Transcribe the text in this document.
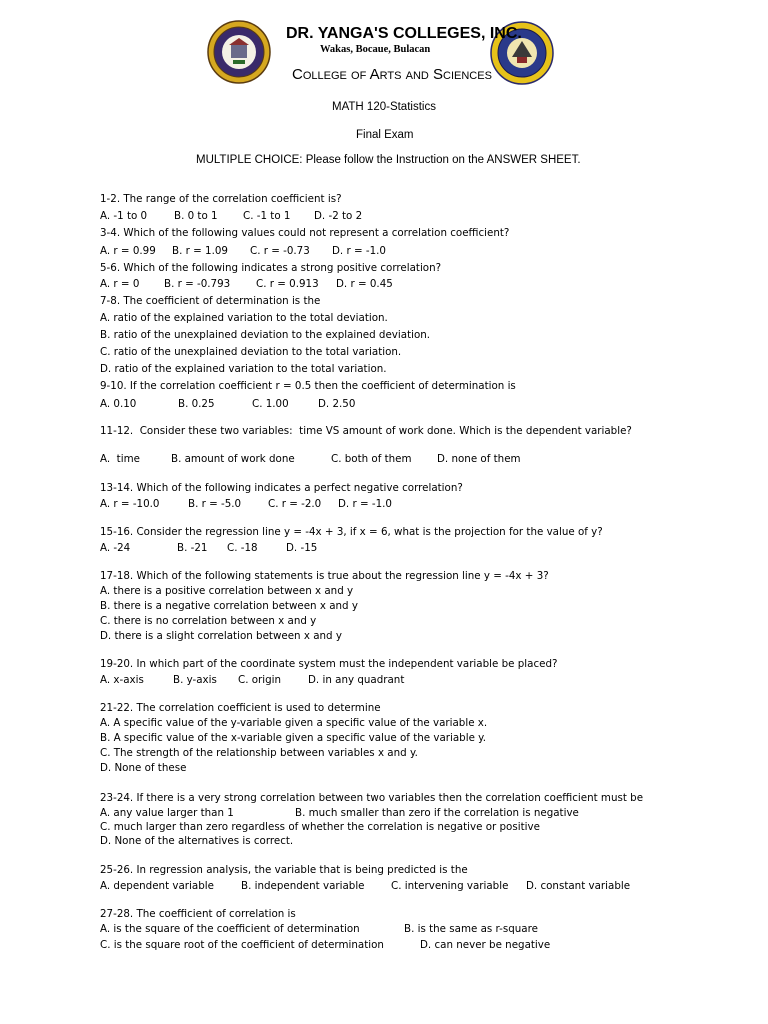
DR. YANGA'S COLLEGES, INC.
Wakas, Bocaue, Bulacan
College of Arts and Sciences
MATH 120-Statistics
Final Exam
MULTIPLE CHOICE: Please follow the Instruction on the ANSWER SHEET.
1-2. The range of the correlation coefficient is?
A. -1 to 0	B. 0 to 1 C. -1 to 1 D. -2 to 2
3-4. Which of the following values could not represent a correlation coefficient?
A. r = 0.99 B. r = 1.09 C. r = -0.73 D. r = -1.0
5-6. Which of the following indicates a strong positive correlation?
A. r = 0 B. r = -0.793	C. r = 0.913 D. r = 0.45
7-8. The coefficient of determination is the
A. ratio of the explained variation to the total deviation.
B. ratio of the unexplained deviation to the explained deviation.
C. ratio of the unexplained deviation to the total variation.
D. ratio of the explained variation to the total variation.
9-10. If the correlation coefficient r = 0.5 then the coefficient of determination is
A. 0.10	B. 0.25	C. 1.00	D. 2.50
11-12.  Consider these two variables:  time VS amount of work done. Which is the dependent variable?
A.  time	B. amount of work done	C. both of them D. none of them
13-14. Which of the following indicates a perfect negative correlation?
A. r = -10.0	B. r = -5.0	C. r = -2.0 D. r = -1.0
15-16. Consider the regression line y = -4x + 3, if x = 6, what is the projection for the value of y?
A. -24	B. -21 C. -18	D. -15
17-18. Which of the following statements is true about the regression line y = -4x + 3?
A. there is a positive correlation between x and y
B. there is a negative correlation between x and y
C. there is no correlation between x and y
D. there is a slight correlation between x and y
19-20. In which part of the coordinate system must the independent variable be placed?
A. x-axis	B. y-axis C. origin	D. in any quadrant
21-22. The correlation coefficient is used to determine
A. A specific value of the y-variable given a specific value of the variable x.
B. A specific value of the x-variable given a specific value of the variable y.
C. The strength of the relationship between variables x and y.
D. None of these
23-24. If there is a very strong correlation between two variables then the correlation coefficient must be
A. any value larger than 1	B. much smaller than zero if the correlation is negative
C. much larger than zero regardless of whether the correlation is negative or positive
D. None of the alternatives is correct.
25-26. In regression analysis, the variable that is being predicted is the
A. dependent variable	B. independent variable	C. intervening variable D. constant variable
27-28. The coefficient of correlation is
A. is the square of the coefficient of determination	B. is the same as r-square
C. is the square root of the coefficient of determination	D. can never be negative
